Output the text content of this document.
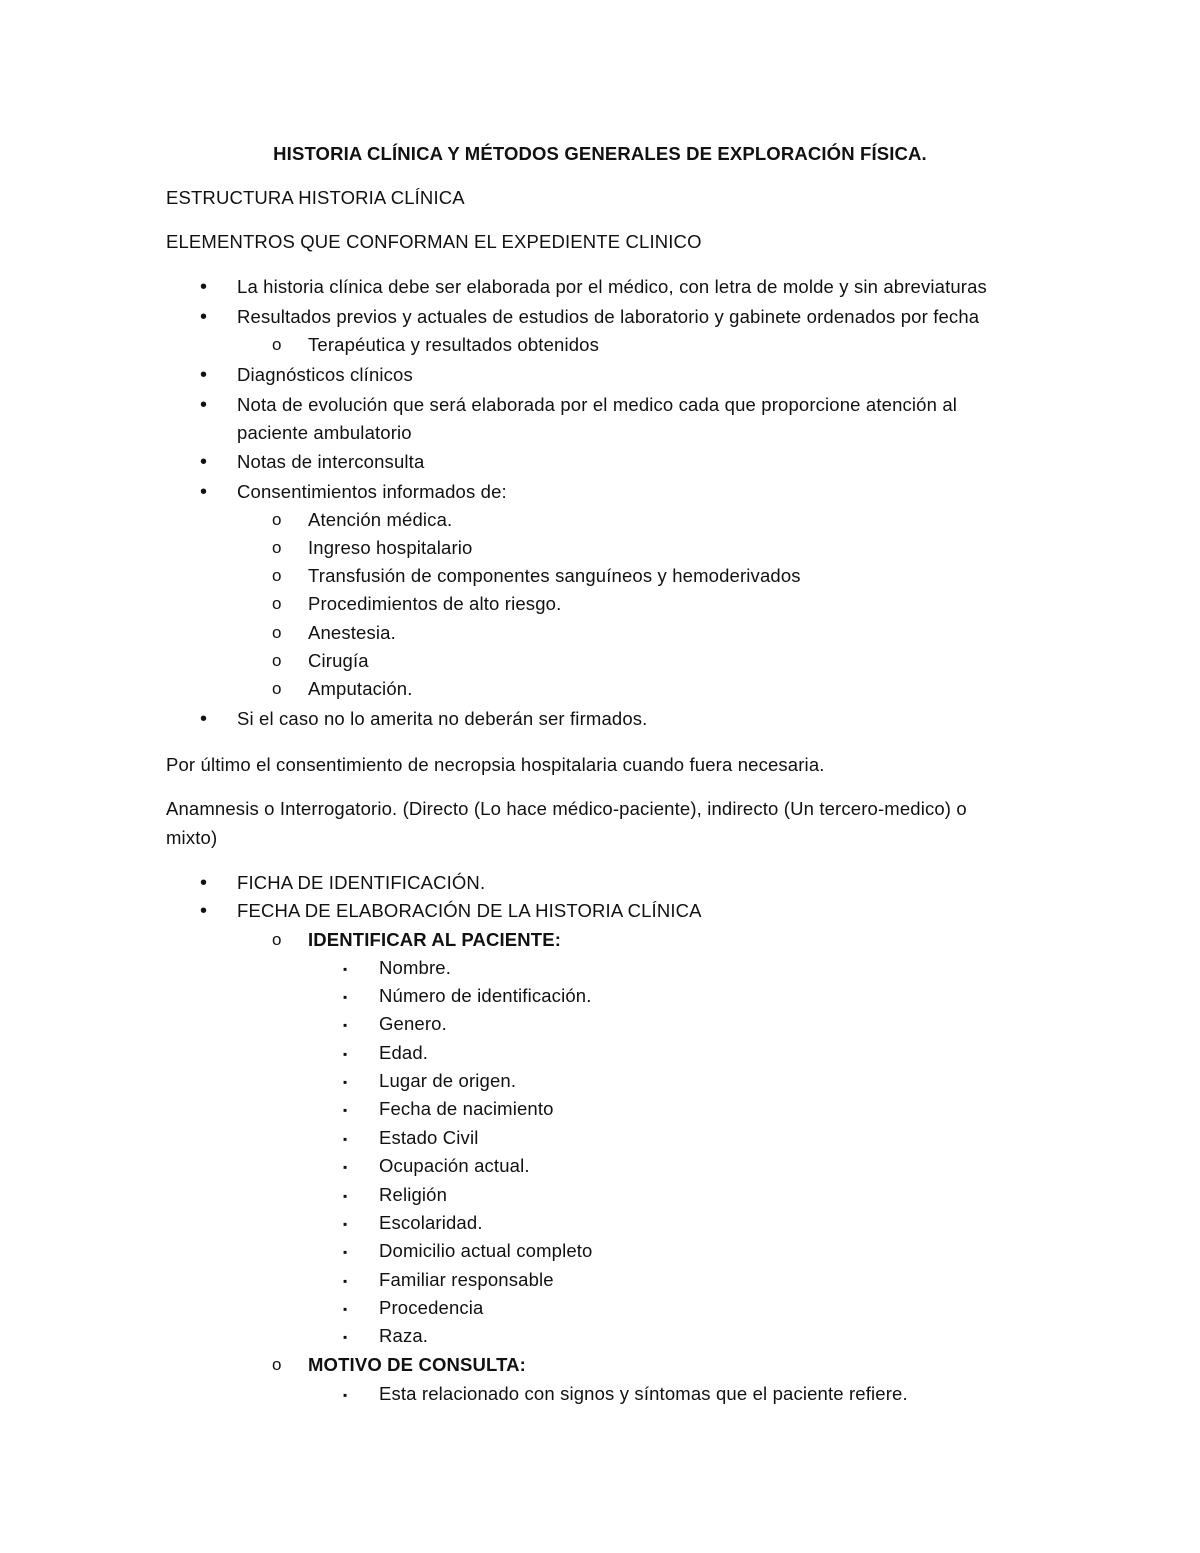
HISTORIA CLÍNICA Y MÉTODOS GENERALES DE EXPLORACIÓN FÍSICA.
ESTRUCTURA HISTORIA CLÍNICA
ELEMENTROS QUE CONFORMAN EL EXPEDIENTE CLINICO
• La historia clínica debe ser elaborada por el médico, con letra de molde y sin abreviaturas
• Resultados previos y actuales de estudios de laboratorio y gabinete ordenados por fecha
o Terapéutica y resultados obtenidos
• Diagnósticos clínicos
• Nota de evolución que será elaborada por el medico cada que proporcione atención al
paciente ambulatorio
• Notas de interconsulta
• Consentimientos informados de:
o Atención médica.
o Ingreso hospitalario
o Transfusión de componentes sanguíneos y hemoderivados
o Procedimientos de alto riesgo.
o Anestesia.
o Cirugía
o Amputación.
• Si el caso no lo amerita no deberán ser firmados.
Por último el consentimiento de necropsia hospitalaria cuando fuera necesaria.
Anamnesis o Interrogatorio. (Directo (Lo hace médico-paciente), indirecto (Un tercero-medico) o
mixto)
• FICHA DE IDENTIFICACIÓN.
• FECHA DE ELABORACIÓN DE LA HISTORIA CLÍNICA
o IDENTIFICAR AL PACIENTE:
▪ Nombre.
▪ Número de identificación.
▪ Genero.
▪ Edad.
▪ Lugar de origen.
▪ Fecha de nacimiento
▪ Estado Civil
▪ Ocupación actual.
▪ Religión
▪ Escolaridad.
▪ Domicilio actual completo
▪ Familiar responsable
▪ Procedencia
▪ Raza.
o MOTIVO DE CONSULTA:
▪ Esta relacionado con signos y síntomas que el paciente refiere.
